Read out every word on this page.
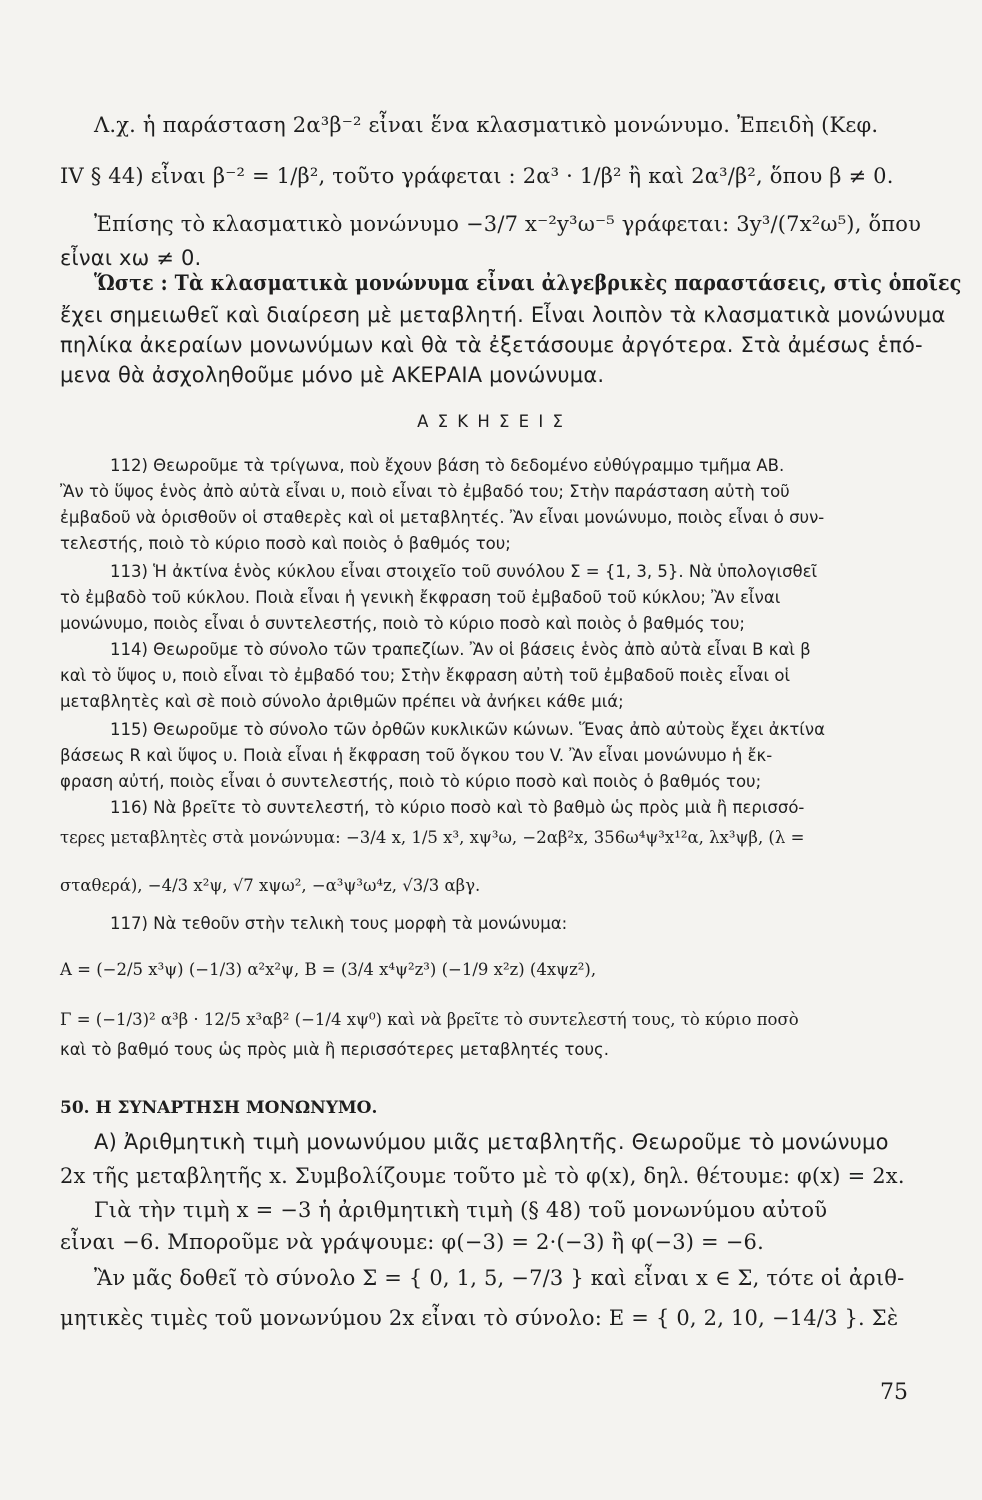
Λ.χ. ἡ παράσταση 2α³β⁻² εἶναι ἕνα κλασματικὸ μονώνυμο. Ἐπειδὴ (Κεφ.
IV § 44) εἶναι β⁻² = 1/β², τοῦτο γράφεται : 2α³ · 1/β² ἢ καὶ 2α³/β², ὅπου β ≠ 0.
Ἐπίσης τὸ κλασματικὸ μονώνυμο −3/7 x⁻²y³ω⁻⁵ γράφεται: 3y³/(7x²ω⁵), ὅπου
εἶναι xω ≠ 0.
Ὥστε : Τὰ κλασματικὰ μονώνυμα εἶναι ἀλγεβρικὲς παραστάσεις, στὶς ὁποῖες
ἔχει σημειωθεῖ καὶ διαίρεση μὲ μεταβλητή. Εἶναι λοιπὸν τὰ κλασματικὰ μονώνυμα
πηλίκα ἀκεραίων μονωνύμων καὶ θὰ τὰ ἐξετάσουμε ἀργότερα. Στὰ ἀμέσως ἑπό-
μενα θὰ ἀσχοληθοῦμε μόνο μὲ ΑΚΕΡΑΙΑ μονώνυμα.
Α Σ Κ Η Σ Ε Ι Σ
112) Θεωροῦμε τὰ τρίγωνα, ποὺ ἔχουν βάση τὸ δεδομένο εὐθύγραμμο τμῆμα ΑΒ.
Ἂν τὸ ὕψος ἑνὸς ἀπὸ αὐτὰ εἶναι υ, ποιὸ εἶναι τὸ ἐμβαδό του; Στὴν παράσταση αὐτὴ τοῦ
ἐμβαδοῦ νὰ ὁρισθοῦν οἱ σταθερὲς καὶ οἱ μεταβλητές. Ἂν εἶναι μονώνυμο, ποιὸς εἶναι ὁ συν-
τελεστής, ποιὸ τὸ κύριο ποσὸ καὶ ποιὸς ὁ βαθμός του;
113) Ἡ ἀκτίνα ἑνὸς κύκλου εἶναι στοιχεῖο τοῦ συνόλου Σ = {1, 3, 5}. Νὰ ὑπολογισθεῖ
τὸ ἐμβαδὸ τοῦ κύκλου. Ποιὰ εἶναι ἡ γενικὴ ἔκφραση τοῦ ἐμβαδοῦ τοῦ κύκλου; Ἂν εἶναι
μονώνυμο, ποιὸς εἶναι ὁ συντελεστής, ποιὸ τὸ κύριο ποσὸ καὶ ποιὸς ὁ βαθμός του;
114) Θεωροῦμε τὸ σύνολο τῶν τραπεζίων. Ἂν οἱ βάσεις ἑνὸς ἀπὸ αὐτὰ εἶναι Β καὶ β
καὶ τὸ ὕψος υ, ποιὸ εἶναι τὸ ἐμβαδό του; Στὴν ἔκφραση αὐτὴ τοῦ ἐμβαδοῦ ποιὲς εἶναι οἱ
μεταβλητὲς καὶ σὲ ποιὸ σύνολο ἀριθμῶν πρέπει νὰ ἀνήκει κάθε μιά;
115) Θεωροῦμε τὸ σύνολο τῶν ὀρθῶν κυκλικῶν κώνων. Ἕνας ἀπὸ αὐτοὺς ἔχει ἀκτίνα
βάσεως R καὶ ὕψος υ. Ποιὰ εἶναι ἡ ἔκφραση τοῦ ὄγκου του V. Ἂν εἶναι μονώνυμο ἡ ἔκ-
φραση αὐτή, ποιὸς εἶναι ὁ συντελεστής, ποιὸ τὸ κύριο ποσὸ καὶ ποιὸς ὁ βαθμός του;
116) Νὰ βρεῖτε τὸ συντελεστή, τὸ κύριο ποσὸ καὶ τὸ βαθμὸ ὡς πρὸς μιὰ ἢ περισσό-
τερες μεταβλητὲς στὰ μονώνυμα: −3/4 x, 1/5 x³, xψ³ω, −2αβ²x, 356ω⁴ψ³x¹²α, λx³ψβ, (λ =
σταθερά), −4/3 x²ψ, √7 xψω², −α³ψ³ω⁴z, √3/3 αβγ.
117) Νὰ τεθοῦν στὴν τελικὴ τους μορφὴ τὰ μονώνυμα:
Α = (−2/5 x³ψ) (−1/3) α²x²ψ, Β = (3/4 x⁴ψ²z³) (−1/9 x²z) (4xψz²),
Γ = (−1/3)² α³β · 12/5 x³αβ² (−1/4 xψ⁰) καὶ νὰ βρεῖτε τὸ συντελεστή τους, τὸ κύριο ποσὸ
καὶ τὸ βαθμό τους ὡς πρὸς μιὰ ἢ περισσότερες μεταβλητές τους.
50. Η ΣΥΝΑΡΤΗΣΗ ΜΟΝΩΝΥΜΟ.
Α) Ἀριθμητικὴ τιμὴ μονωνύμου μιᾶς μεταβλητῆς. Θεωροῦμε τὸ μονώνυμο
2x τῆς μεταβλητῆς x. Συμβολίζουμε τοῦτο μὲ τὸ φ(x), δηλ. θέτουμε: φ(x) = 2x.
Γιὰ τὴν τιμὴ x = −3 ἡ ἀριθμητικὴ τιμὴ (§ 48) τοῦ μονωνύμου αὐτοῦ
εἶναι −6. Μποροῦμε νὰ γράψουμε: φ(−3) = 2·(−3) ἢ φ(−3) = −6.
Ἂν μᾶς δοθεῖ τὸ σύνολο Σ = { 0, 1, 5, −7/3 } καὶ εἶναι x ∈ Σ, τότε οἱ ἀριθ-
μητικὲς τιμὲς τοῦ μονωνύμου 2x εἶναι τὸ σύνολο: Ε = { 0, 2, 10, −14/3 }. Σὲ
75
